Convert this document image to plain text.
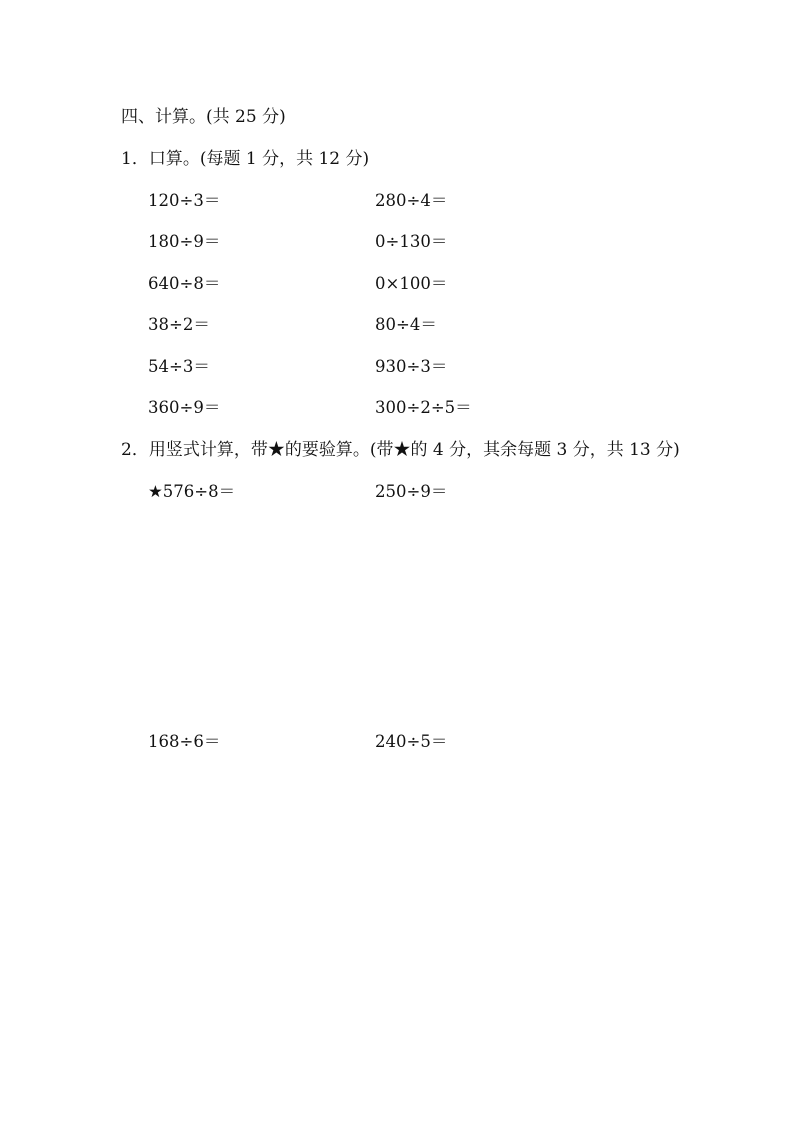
四、计算。(共 25 分)
1．口算。(每题 1 分，共 12 分)
120÷3＝	280÷4＝
180÷9＝	0÷130＝
640÷8＝	0×100＝
38÷2＝	80÷4＝
54÷3＝	930÷3＝
360÷9＝	300÷2÷5＝
2．用竖式计算，带★的要验算。(带★的 4 分，其余每题 3 分，共 13 分)
★576÷8＝	250÷9＝
168÷6＝	240÷5＝
